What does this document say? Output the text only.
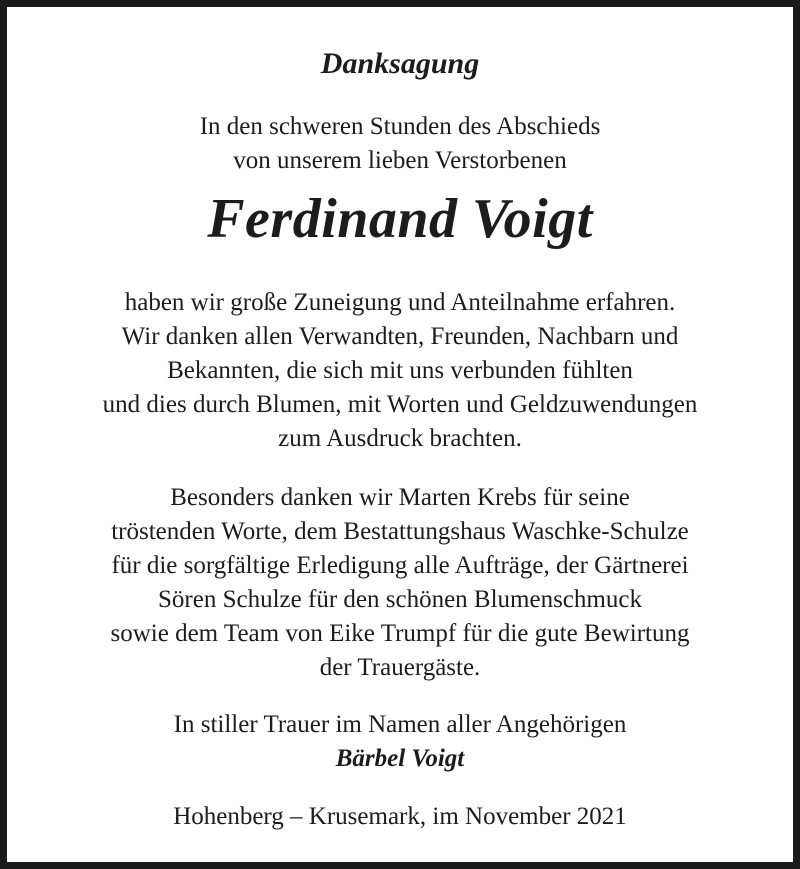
Danksagung
In den schweren Stunden des Abschieds
von unserem lieben Verstorbenen
Ferdinand Voigt
haben wir große Zuneigung und Anteilnahme erfahren.
Wir danken allen Verwandten, Freunden, Nachbarn und
Bekannten, die sich mit uns verbunden fühlten
und dies durch Blumen, mit Worten und Geldzuwendungen
zum Ausdruck brachten.
Besonders danken wir Marten Krebs für seine
tröstenden Worte, dem Bestattungshaus Waschke-Schulze
für die sorgfältige Erledigung alle Aufträge, der Gärtnerei
Sören Schulze für den schönen Blumenschmuck
sowie dem Team von Eike Trumpf für die gute Bewirtung
der Trauergäste.
In stiller Trauer im Namen aller Angehörigen
Bärbel Voigt
Hohenberg – Krusemark, im November 2021
